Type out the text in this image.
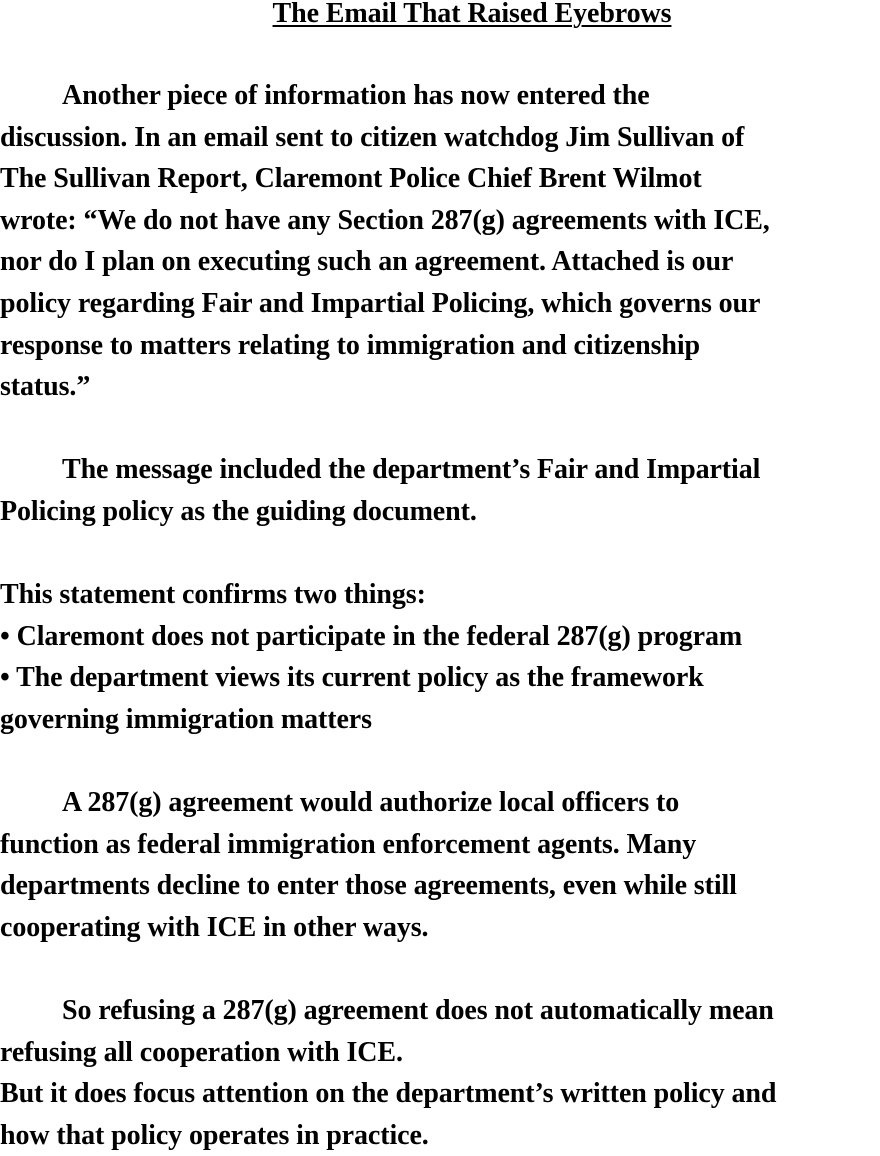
The Email That Raised Eyebrows
Another piece of information has now entered the
discussion. In an email sent to citizen watchdog Jim Sullivan of
The Sullivan Report, Claremont Police Chief Brent Wilmot
wrote: “We do not have any Section 287(g) agreements with ICE,
nor do I plan on executing such an agreement. Attached is our
policy regarding Fair and Impartial Policing, which governs our
response to matters relating to immigration and citizenship
status.”
The message included the department’s Fair and Impartial
Policing policy as the guiding document.
This statement confirms two things:
• Claremont does not participate in the federal 287(g) program
• The department views its current policy as the framework
governing immigration matters
A 287(g) agreement would authorize local officers to
function as federal immigration enforcement agents. Many
departments decline to enter those agreements, even while still
cooperating with ICE in other ways.
So refusing a 287(g) agreement does not automatically mean
refusing all cooperation with ICE.
But it does focus attention on the department’s written policy and
how that policy operates in practice.
